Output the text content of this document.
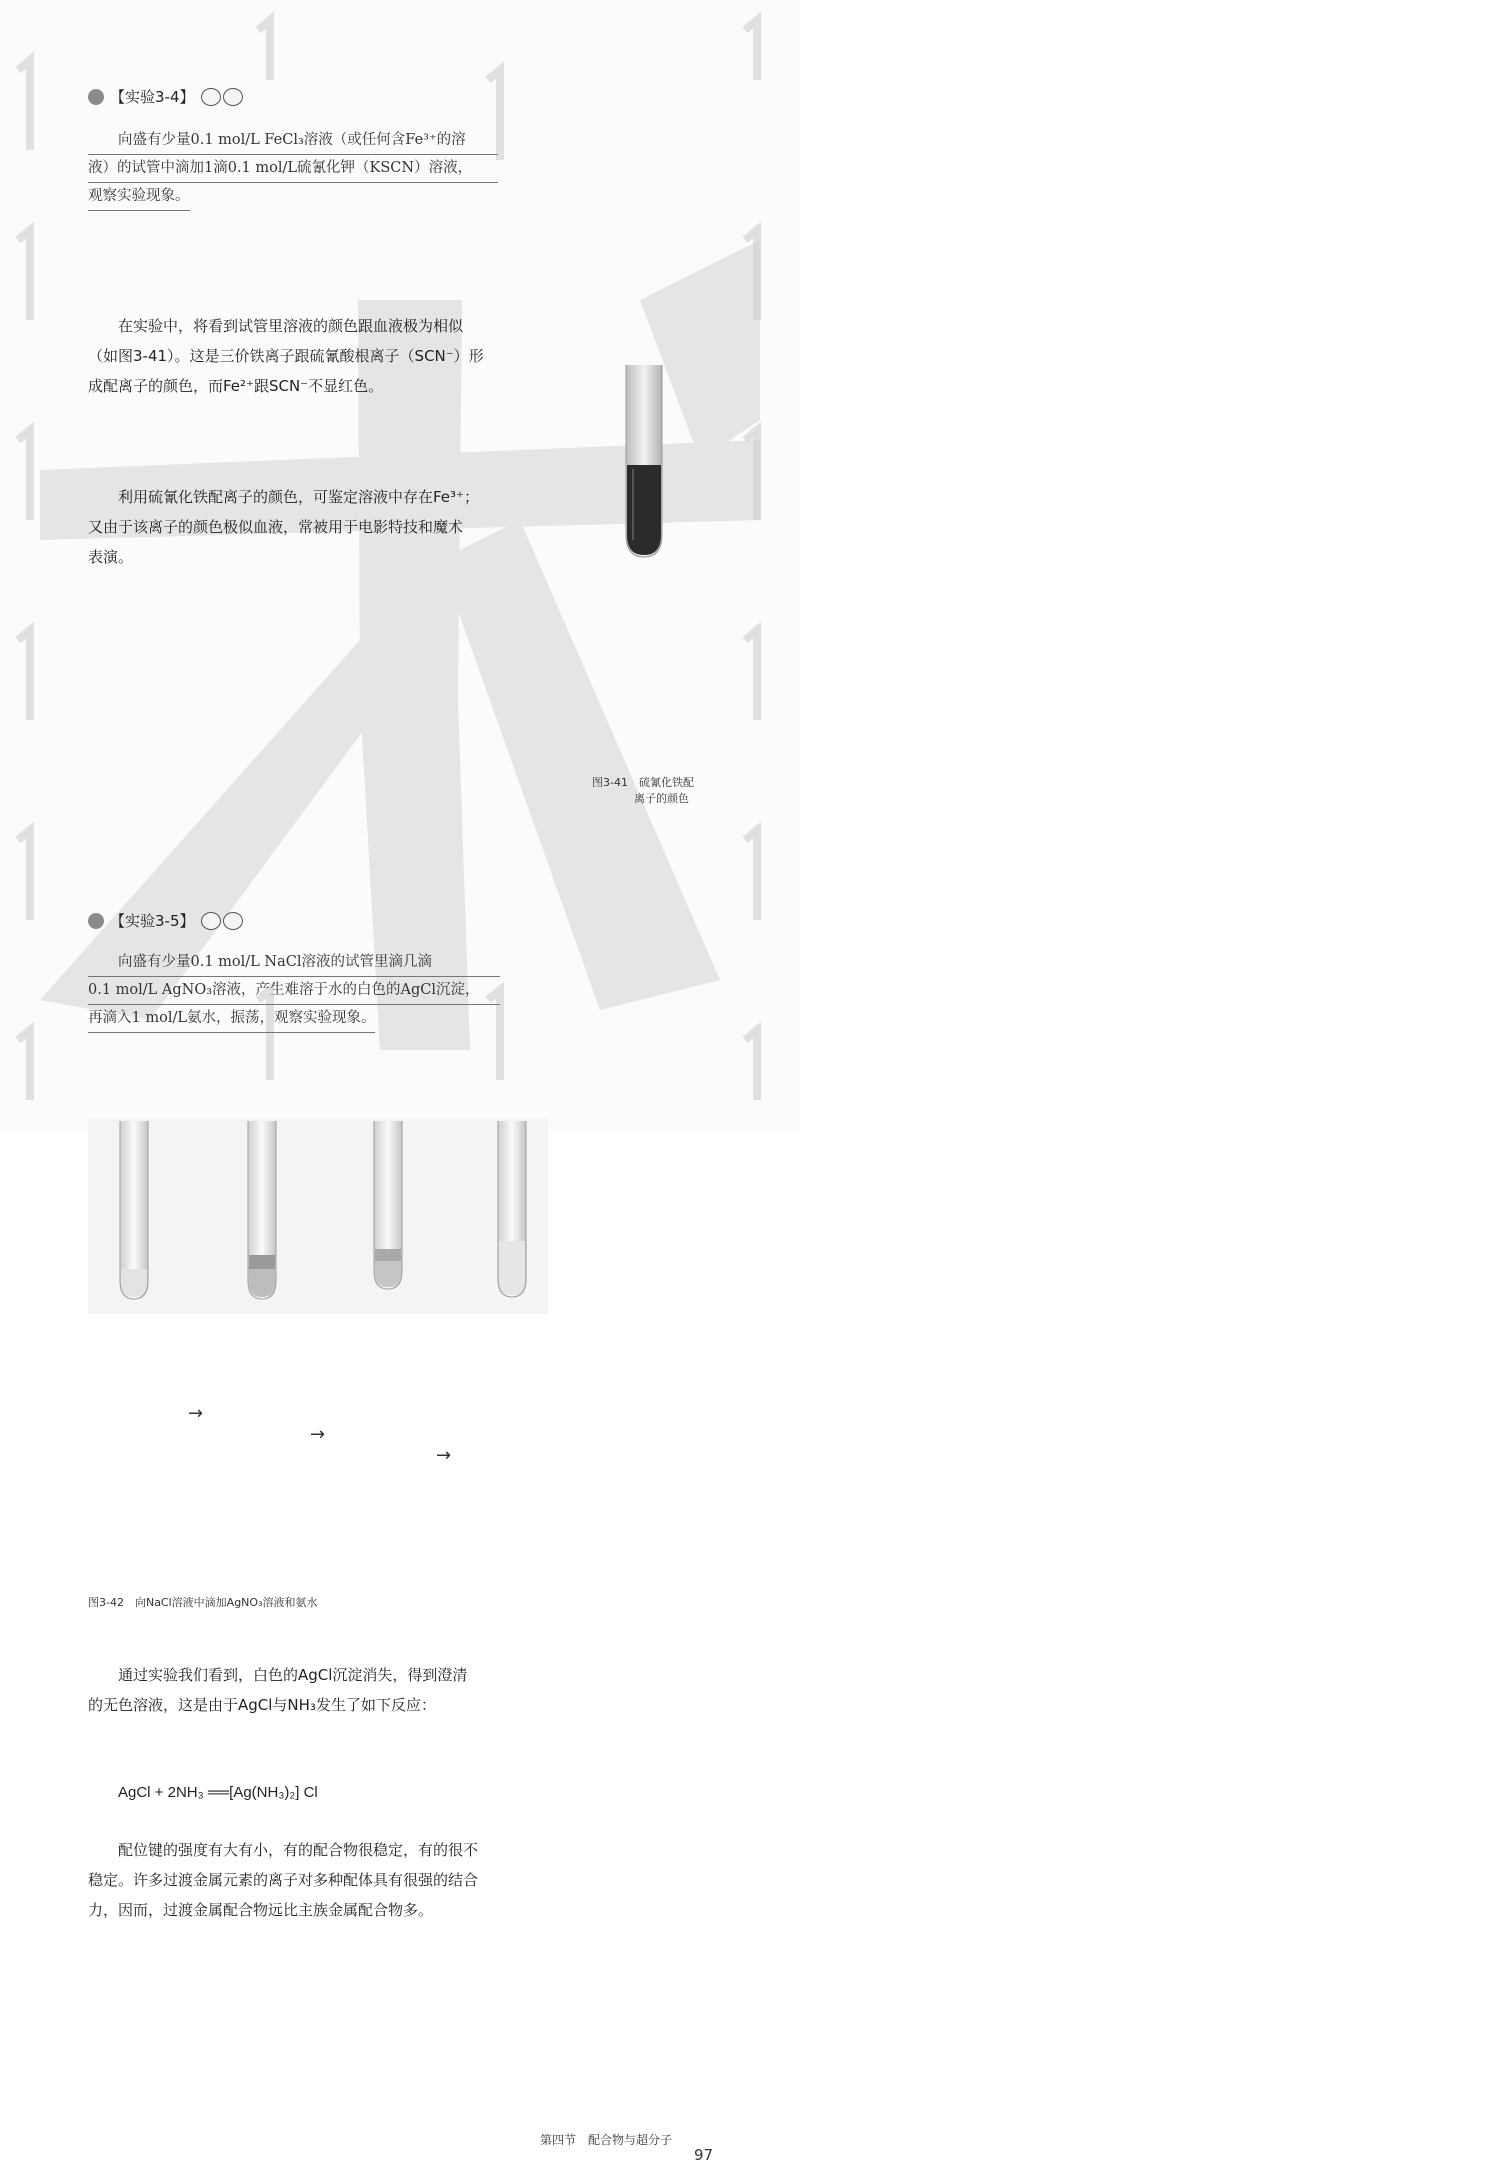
【实验3-4】
向盛有少量0.1 mol/L FeCl₃溶液（或任何含Fe³⁺的溶
液）的试管中滴加1滴0.1 mol/L硫氰化钾（KSCN）溶液，
观察实验现象。

在实验中，将看到试管里溶液的颜色跟血液极为相似

（如图3-41）。这是三价铁离子跟硫氰酸根离子（SCN⁻）形

成配离子的颜色，而Fe²⁺跟SCN⁻不显红色。

利用硫氰化铁配离子的颜色，可鉴定溶液中存在Fe³⁺；

又由于该离子的颜色极似血液，常被用于电影特技和魔术

表演。

图3-41　硫氰化铁配
离子的颜色
【实验3-5】
向盛有少量0.1 mol/L NaCl溶液的试管里滴几滴
0.1 mol/L AgNO₃溶液，产生难溶于水的白色的AgCl沉淀，
再滴入1 mol/L氨水，振荡，观察实验现象。
→
→
→
图3-42　向NaCl溶液中滴加AgNO₃溶液和氨水

通过实验我们看到，白色的AgCl沉淀消失，得到澄清

的无色溶液，这是由于AgCl与NH₃发生了如下反应：

AgCl + 2NH₃ ══[Ag(NH₃)₂] Cl

配位键的强度有大有小，有的配合物很稳定，有的很不

稳定。许多过渡金属元素的离子对多种配体具有很强的结合

力，因而，过渡金属配合物远比主族金属配合物多。

第四节　配合物与超分子
97
